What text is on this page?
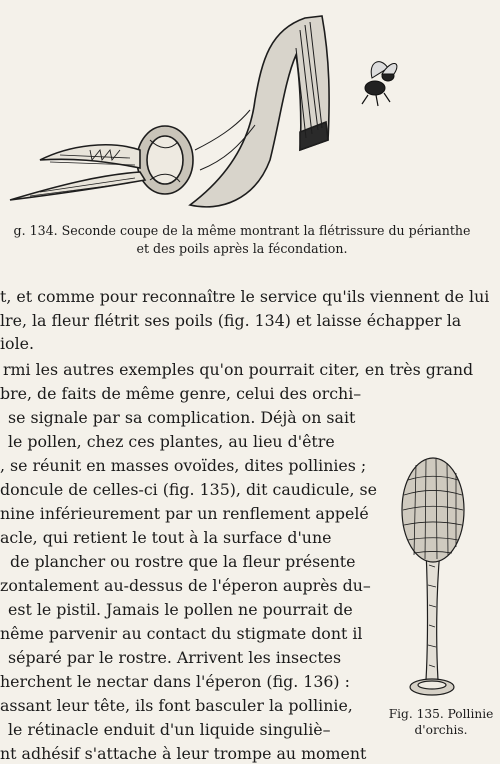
g. 134. Seconde coupe de la même montrant la flétrissure du périanthe
et des poils après la fécondation.
t, et comme pour reconnaître le service qu'ils viennent de lui
lre, la fleur flétrit ses poils (fig. 134) et laisse échapper la
iole.
rmi les autres exemples qu'on pourrait citer, en très grand
bre, de faits de même genre, celui des orchi–
se signale par sa complication. Déjà on sait
le pollen, chez ces plantes, au lieu d'être
, se réunit en masses ovoïdes, dites pollinies ;
doncule de celles-ci (fig. 135), dit caudicule, se
nine inférieurement par un renflement appelé
acle, qui retient le tout à la surface d'une
de plancher ou rostre que la fleur présente
zontalement au-dessus de l'éperon auprès du–
est le pistil. Jamais le pollen ne pourrait de
nême parvenir au contact du stigmate dont il
séparé par le rostre. Arrivent les insectes
herchent le nectar dans l'éperon (fig. 136) :
assant leur tête, ils font basculer la pollinie,
le rétinacle enduit d'un liquide singuliè–
nt adhésif s'attache à leur trompe au moment
Fig. 135. Pollinie
d'orchis.
